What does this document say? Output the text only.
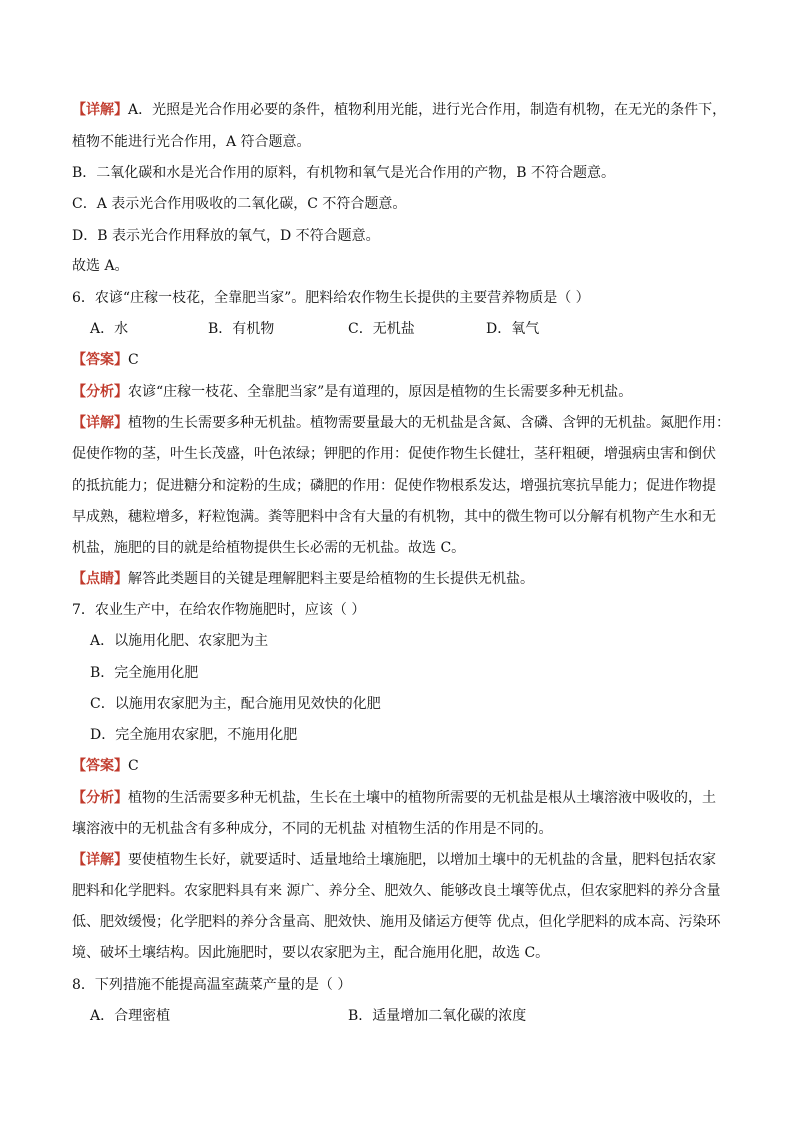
【详解】A．光照是光合作用必要的条件，植物利用光能，进行光合作用，制造有机物，在无光的条件下，
植物不能进行光合作用，A 符合题意。
B．二氧化碳和水是光合作用的原料，有机物和氧气是光合作用的产物，B 不符合题意。
C．A 表示光合作用吸收的二氧化碳，C 不符合题意。
D．B 表示光合作用释放的氧气，D 不符合题意。
故选 A。
6．农谚“庄稼一枝花，全靠肥当家”。肥料给农作物生长提供的主要营养物质是（ ）
A．水	B．有机物	C．无机盐	D．氧气
【答案】C
【分析】农谚“庄稼一枝花、全靠肥当家”是有道理的，原因是植物的生长需要多种无机盐。
【详解】植物的生长需要多种无机盐。植物需要量最大的无机盐是含氮、含磷、含钾的无机盐。氮肥作用：
促使作物的茎，叶生长茂盛，叶色浓绿；钾肥的作用：促使作物生长健壮，茎秆粗硬，增强病虫害和倒伏
的抵抗能力；促进糖分和淀粉的生成；磷肥的作用：促使作物根系发达，增强抗寒抗旱能力；促进作物提
早成熟，穗粒增多，籽粒饱满。粪等肥料中含有大量的有机物，其中的微生物可以分解有机物产生水和无
机盐，施肥的目的就是给植物提供生长必需的无机盐。故选 C。
【点睛】解答此类题目的关键是理解肥料主要是给植物的生长提供无机盐。
7．农业生产中，在给农作物施肥时，应该（ ）
A．以施用化肥、农家肥为主
B．完全施用化肥
C．以施用农家肥为主，配合施用见效快的化肥
D．完全施用农家肥，不施用化肥
【答案】C
【分析】植物的生活需要多种无机盐，生长在土壤中的植物所需要的无机盐是根从土壤溶液中吸收的，土
壤溶液中的无机盐含有多种成分，不同的无机盐 对植物生活的作用是不同的。
【详解】要使植物生长好，就要适时、适量地给土壤施肥，以增加土壤中的无机盐的含量，肥料包括农家
肥料和化学肥料。农家肥料具有来 源广、养分全、肥效久、能够改良土壤等优点，但农家肥料的养分含量
低、肥效缓慢；化学肥料的养分含量高、肥效快、施用及储运方便等 优点，但化学肥料的成本高、污染环
境、破坏土壤结构。因此施肥时，要以农家肥为主，配合施用化肥，故选 C。
8．下列措施不能提高温室蔬菜产量的是（ ）
A．合理密植	B．适量增加二氧化碳的浓度
